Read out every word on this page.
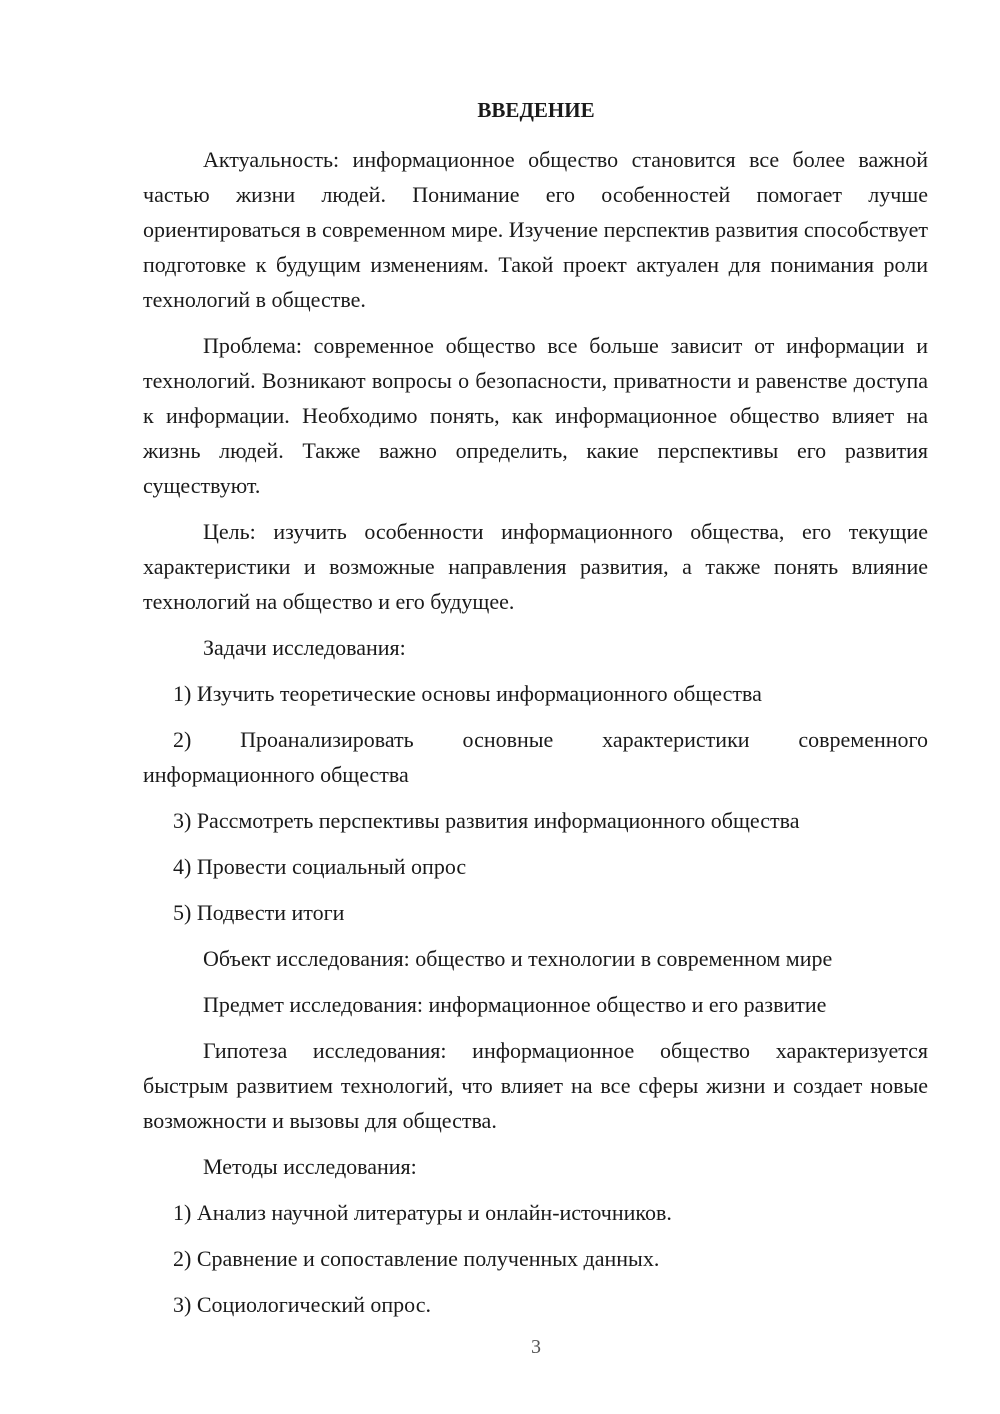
ВВЕДЕНИЕ

Актуальность: информационное общество становится все более важной частью жизни людей. Понимание его особенностей помогает лучше ориентироваться в современном мире. Изучение перспектив развития способствует подготовке к будущим изменениям. Такой проект актуален для понимания роли технологий в обществе.

Проблема: современное общество все больше зависит от информации и технологий. Возникают вопросы о безопасности, приватности и равенстве доступа к информации. Необходимо понять, как информационное общество влияет на жизнь людей. Также важно определить, какие перспективы его развития существуют.

Цель: изучить особенности информационного общества, его текущие характеристики и возможные направления развития, а также понять влияние технологий на общество и его будущее.

Задачи исследования:

1) Изучить теоретические основы информационного общества

2) Проанализировать основные характеристики современного информационного общества

3) Рассмотреть перспективы развития информационного общества

4) Провести социальный опрос

5) Подвести итоги

Объект исследования: общество и технологии в современном мире

Предмет исследования: информационное общество и его развитие

Гипотеза исследования: информационное общество характеризуется быстрым развитием технологий, что влияет на все сферы жизни и создает новые возможности и вызовы для общества.

Методы исследования:

1) Анализ научной литературы и онлайн-источников.

2) Сравнение и сопоставление полученных данных.

3) Социологический опрос.

3
